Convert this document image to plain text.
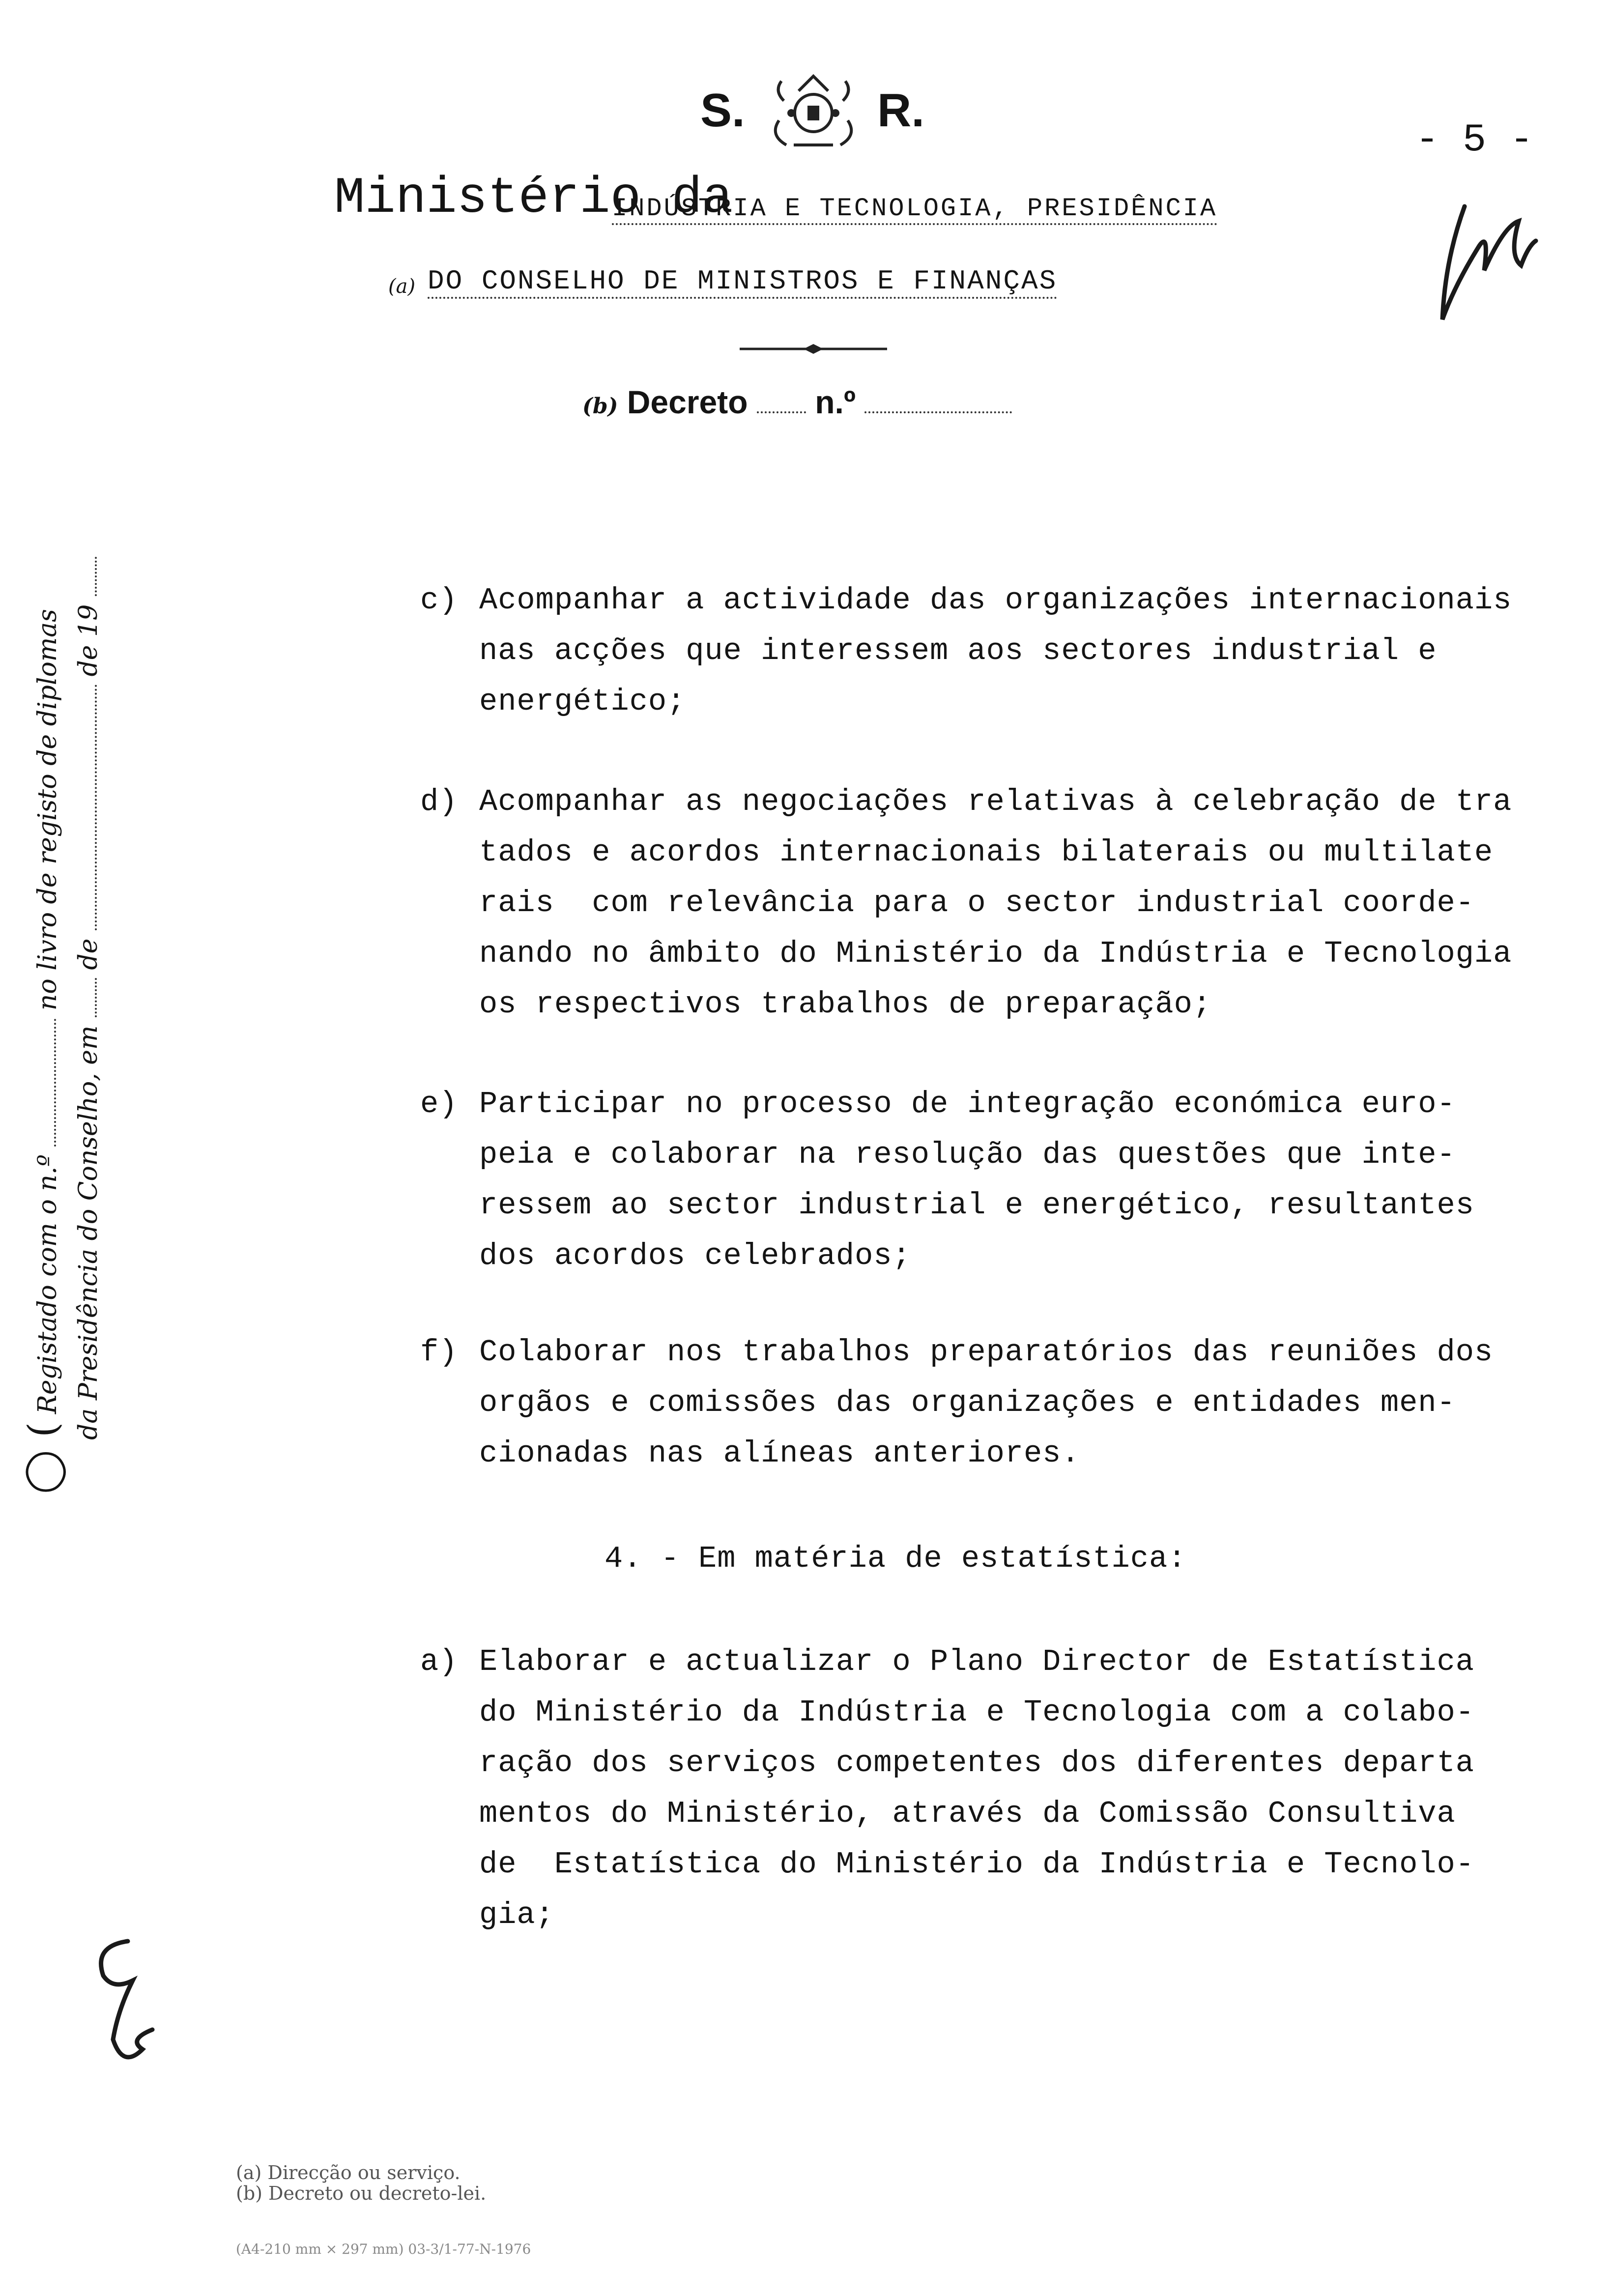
S.	R.
- 5 -
Ministério da
INDÚSTRIA E TECNOLOGIA, PRESIDÊNCIA
(a) DO CONSELHO DE MINISTROS E FINANÇAS
(b) Decreto n.º
◯ ( Registado com o n.º  no livro de registo de diplomas
da Presidência do Conselho, em  de  de 19
c) Acompanhar a actividade das organizações internacionais
nas acções que interessem aos sectores industrial e
energético;
d) Acompanhar as negociações relativas à celebração de tra
tados e acordos internacionais bilaterais ou multilate
rais  com relevância para o sector industrial coorde-
nando no âmbito do Ministério da Indústria e Tecnologia
os respectivos trabalhos de preparação;
e) Participar no processo de integração económica euro-
peia e colaborar na resolução das questões que inte-
ressem ao sector industrial e energético, resultantes
dos acordos celebrados;
f) Colaborar nos trabalhos preparatórios das reuniões dos
orgãos e comissões das organizações e entidades men-
cionadas nas alíneas anteriores.
4. - Em matéria de estatística:
a) Elaborar e actualizar o Plano Director de Estatística
do Ministério da Indústria e Tecnologia com a colabo-
ração dos serviços competentes dos diferentes departa
mentos do Ministério, através da Comissão Consultiva
de  Estatística do Ministério da Indústria e Tecnolo-
gia;
(a) Direcção ou serviço.
(b) Decreto ou decreto-lei.
(A4-210 mm × 297 mm) 03-3/1-77-N-1976
